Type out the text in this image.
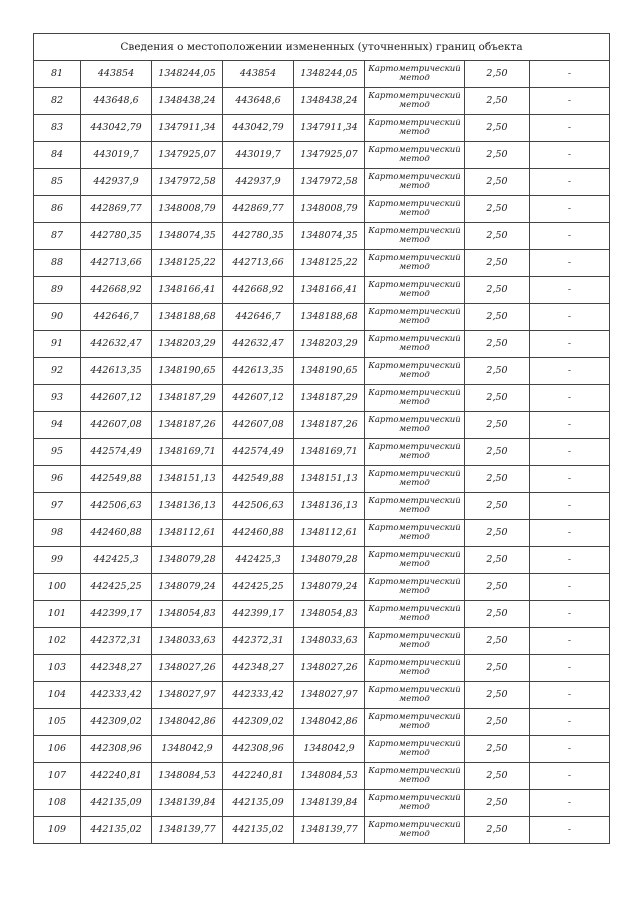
Сведения о местоположении измененных (уточненных) границ объекта							
81	443854	1348244,05	443854	1348244,05	Картометрический метод	2,50	-
82	443648,6	1348438,24	443648,6	1348438,24	Картометрический метод	2,50	-
83	443042,79	1347911,34	443042,79	1347911,34	Картометрический метод	2,50	-
84	443019,7	1347925,07	443019,7	1347925,07	Картометрический метод	2,50	-
85	442937,9	1347972,58	442937,9	1347972,58	Картометрический метод	2,50	-
86	442869,77	1348008,79	442869,77	1348008,79	Картометрический метод	2,50	-
87	442780,35	1348074,35	442780,35	1348074,35	Картометрический метод	2,50	-
88	442713,66	1348125,22	442713,66	1348125,22	Картометрический метод	2,50	-
89	442668,92	1348166,41	442668,92	1348166,41	Картометрический метод	2,50	-
90	442646,7	1348188,68	442646,7	1348188,68	Картометрический метод	2,50	-
91	442632,47	1348203,29	442632,47	1348203,29	Картометрический метод	2,50	-
92	442613,35	1348190,65	442613,35	1348190,65	Картометрический метод	2,50	-
93	442607,12	1348187,29	442607,12	1348187,29	Картометрический метод	2,50	-
94	442607,08	1348187,26	442607,08	1348187,26	Картометрический метод	2,50	-
95	442574,49	1348169,71	442574,49	1348169,71	Картометрический метод	2,50	-
96	442549,88	1348151,13	442549,88	1348151,13	Картометрический метод	2,50	-
97	442506,63	1348136,13	442506,63	1348136,13	Картометрический метод	2,50	-
98	442460,88	1348112,61	442460,88	1348112,61	Картометрический метод	2,50	-
99	442425,3	1348079,28	442425,3	1348079,28	Картометрический метод	2,50	-
100	442425,25	1348079,24	442425,25	1348079,24	Картометрический метод	2,50	-
101	442399,17	1348054,83	442399,17	1348054,83	Картометрический метод	2,50	-
102	442372,31	1348033,63	442372,31	1348033,63	Картометрический метод	2,50	-
103	442348,27	1348027,26	442348,27	1348027,26	Картометрический метод	2,50	-
104	442333,42	1348027,97	442333,42	1348027,97	Картометрический метод	2,50	-
105	442309,02	1348042,86	442309,02	1348042,86	Картометрический метод	2,50	-
106	442308,96	1348042,9	442308,96	1348042,9	Картометрический метод	2,50	-
107	442240,81	1348084,53	442240,81	1348084,53	Картометрический метод	2,50	-
108	442135,09	1348139,84	442135,09	1348139,84	Картометрический метод	2,50	-
109	442135,02	1348139,77	442135,02	1348139,77	Картометрический метод	2,50	-
